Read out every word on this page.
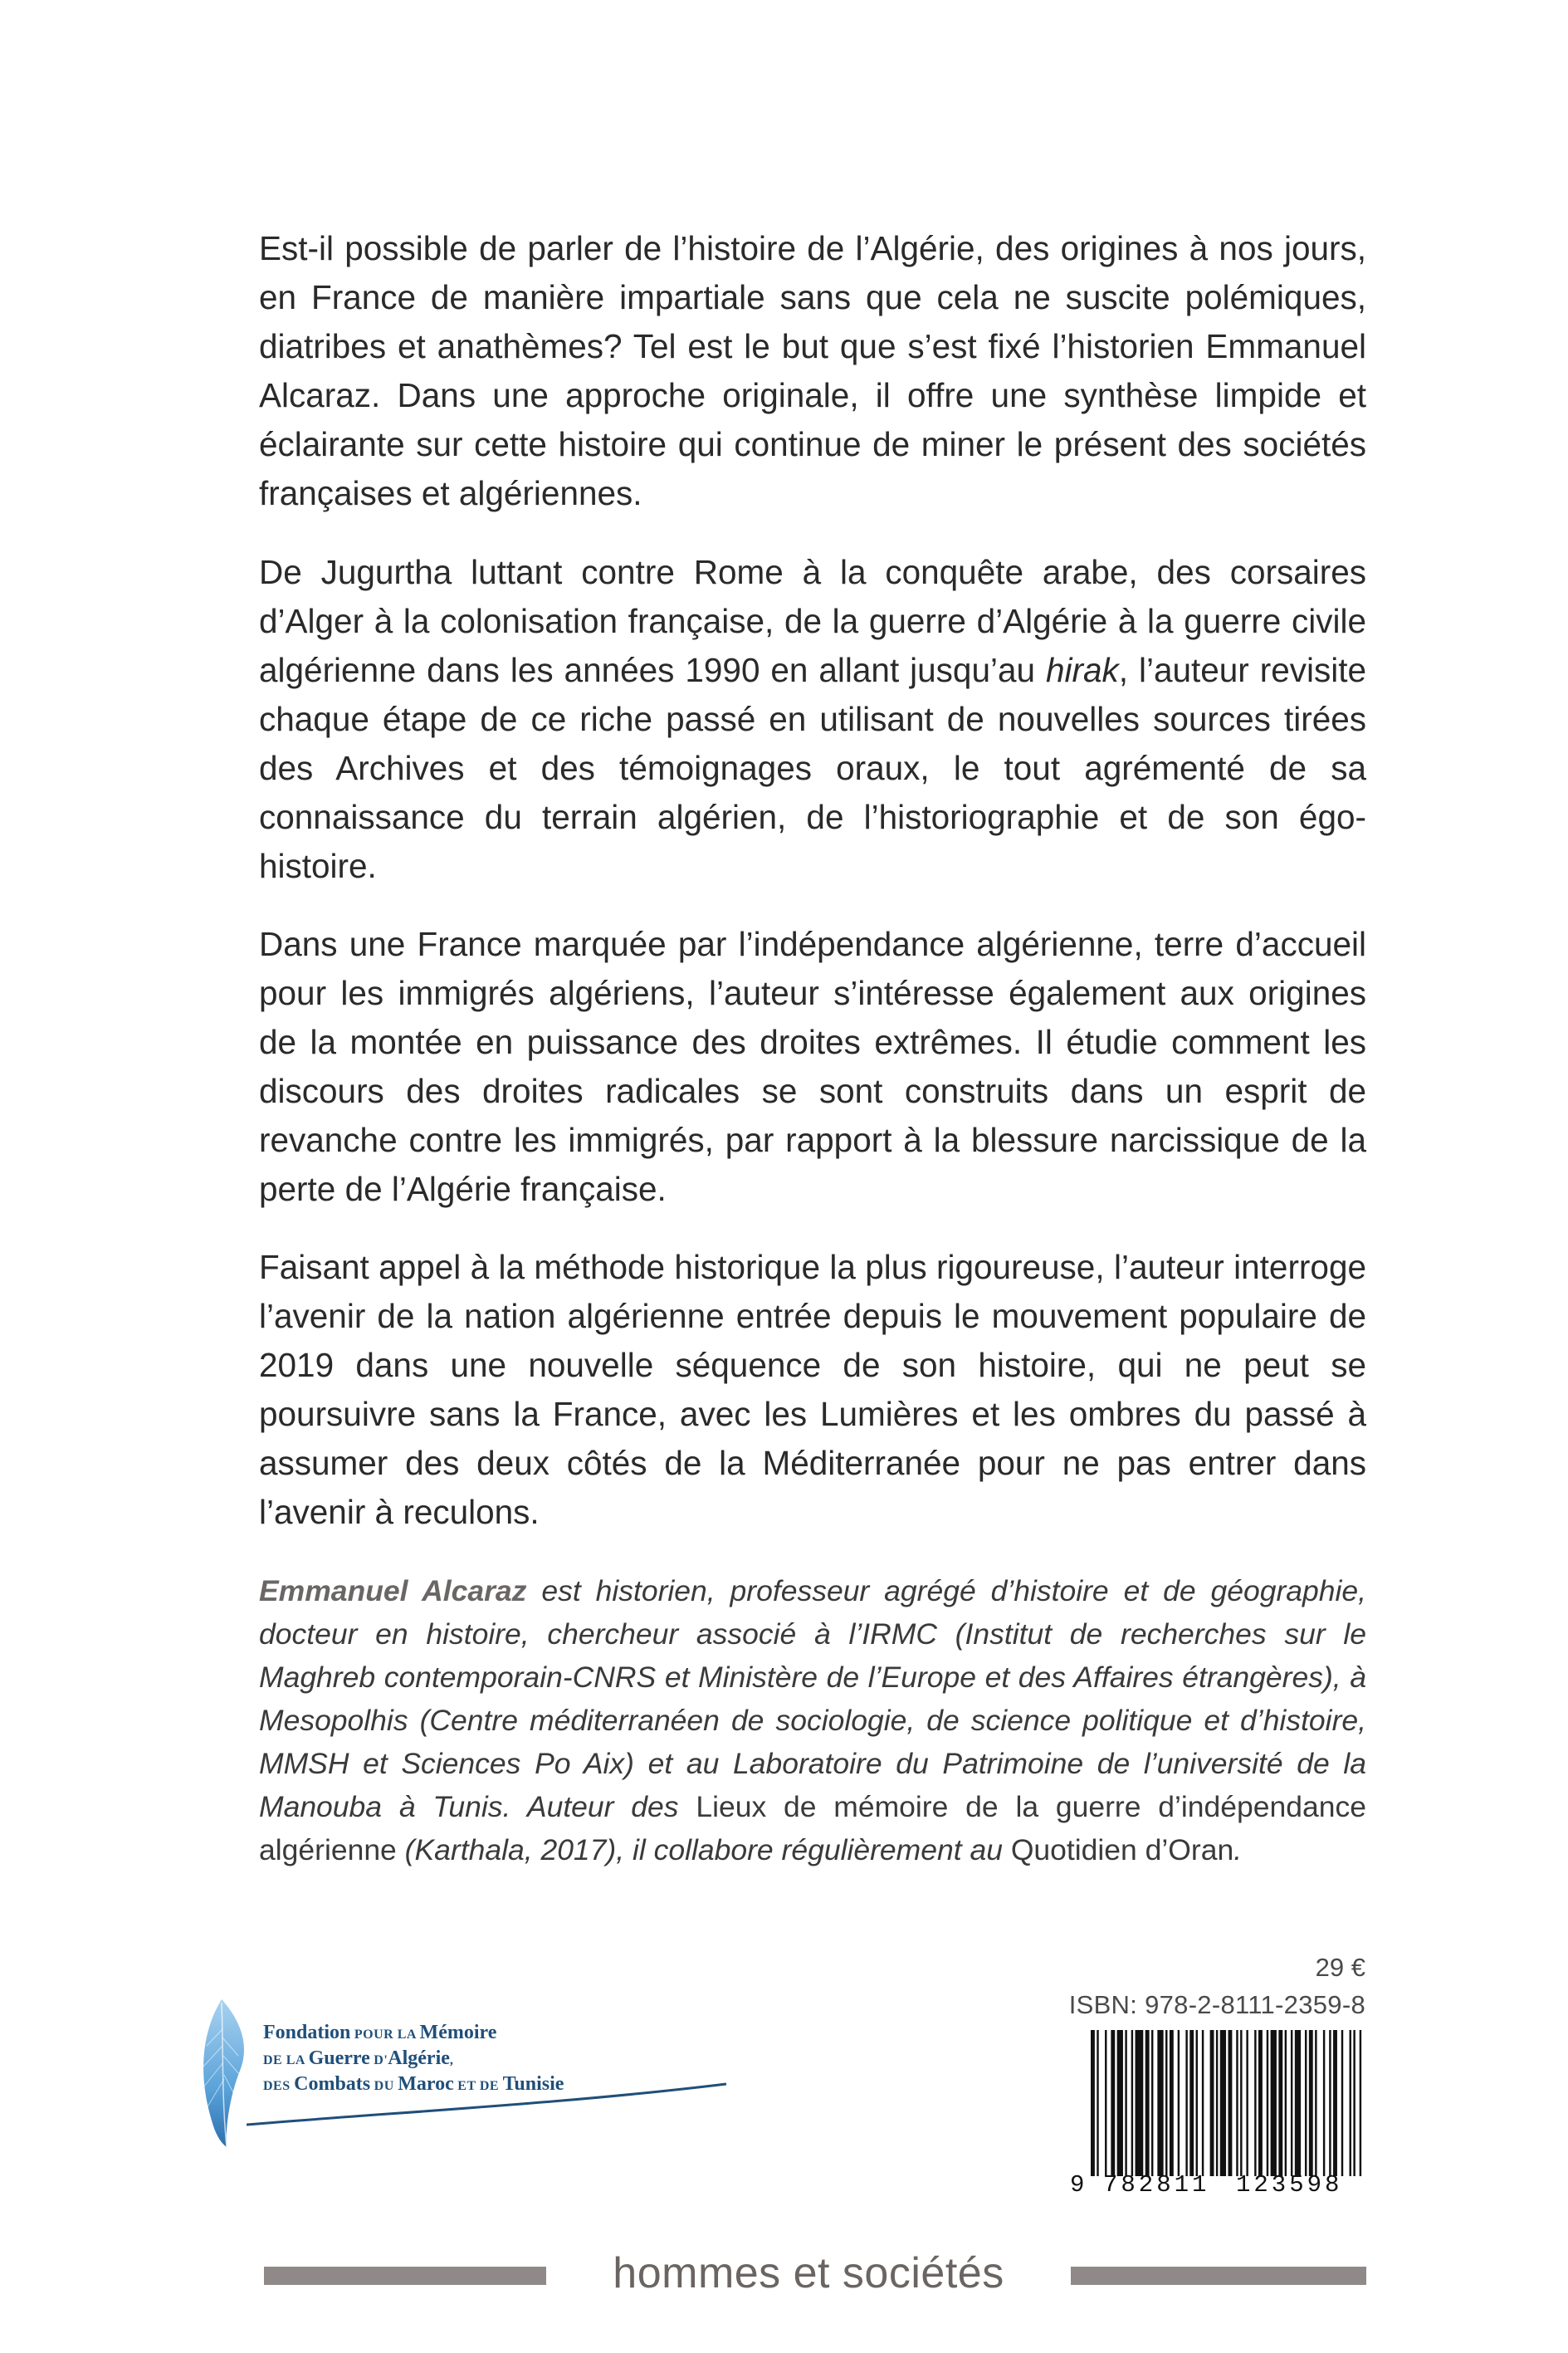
Est-il possible de parler de l’histoire de l’Algérie, des origines à nos jours, en France de manière impartiale sans que cela ne suscite polémiques, diatribes et anathèmes? Tel est le but que s’est fixé l’historien Emmanuel Alcaraz. Dans une approche originale, il offre une synthèse limpide et éclairante sur cette histoire qui continue de miner le présent des sociétés françaises et algériennes.

De Jugurtha luttant contre Rome à la conquête arabe, des corsaires d’Alger à la colonisation française, de la guerre d’Algérie à la guerre civile algérienne dans les années 1990 en allant jusqu’au hirak, l’auteur revisite chaque étape de ce riche passé en utilisant de nouvelles sources tirées des Archives et des témoignages oraux, le tout agrémenté de sa connaissance du terrain algérien, de l’historiographie et de son égo-histoire.

Dans une France marquée par l’indépendance algérienne, terre d’accueil pour les immigrés algériens, l’auteur s’intéresse également aux origines de la montée en puissance des droites extrêmes. Il étudie comment les discours des droites radicales se sont construits dans un esprit de revanche contre les immigrés, par rapport à la blessure narcissique de la perte de l’Algérie française.

Faisant appel à la méthode historique la plus rigoureuse, l’auteur interroge l’avenir de la nation algérienne entrée depuis le mouvement populaire de 2019 dans une nouvelle séquence de son histoire, qui ne peut se poursuivre sans la France, avec les Lumières et les ombres du passé à assumer des deux côtés de la Méditerranée pour ne pas entrer dans l’avenir à reculons.

Emmanuel Alcaraz est historien, professeur agrégé d’histoire et de géographie, docteur en histoire, chercheur associé à l’IRMC (Institut de recherches sur le Maghreb contemporain-CNRS et Ministère de l’Europe et des Affaires étrangères), à Mesopolhis (Centre méditerranéen de sociologie, de science politique et d’histoire, MMSH et Sciences Po Aix) et au Laboratoire du Patrimoine de l’université de la Manouba à Tunis. Auteur des Lieux de mémoire de la guerre d’indépendance algérienne (Karthala, 2017), il collabore régulièrement au Quotidien d’Oran.
Fondation POUR LA Mémoire
DE LA Guerre D'Algérie,
DES Combats DU Maroc ET DE Tunisie
29 €
ISBN: 978-2-8111-2359-8
9 782811 123598
hommes et sociétés
